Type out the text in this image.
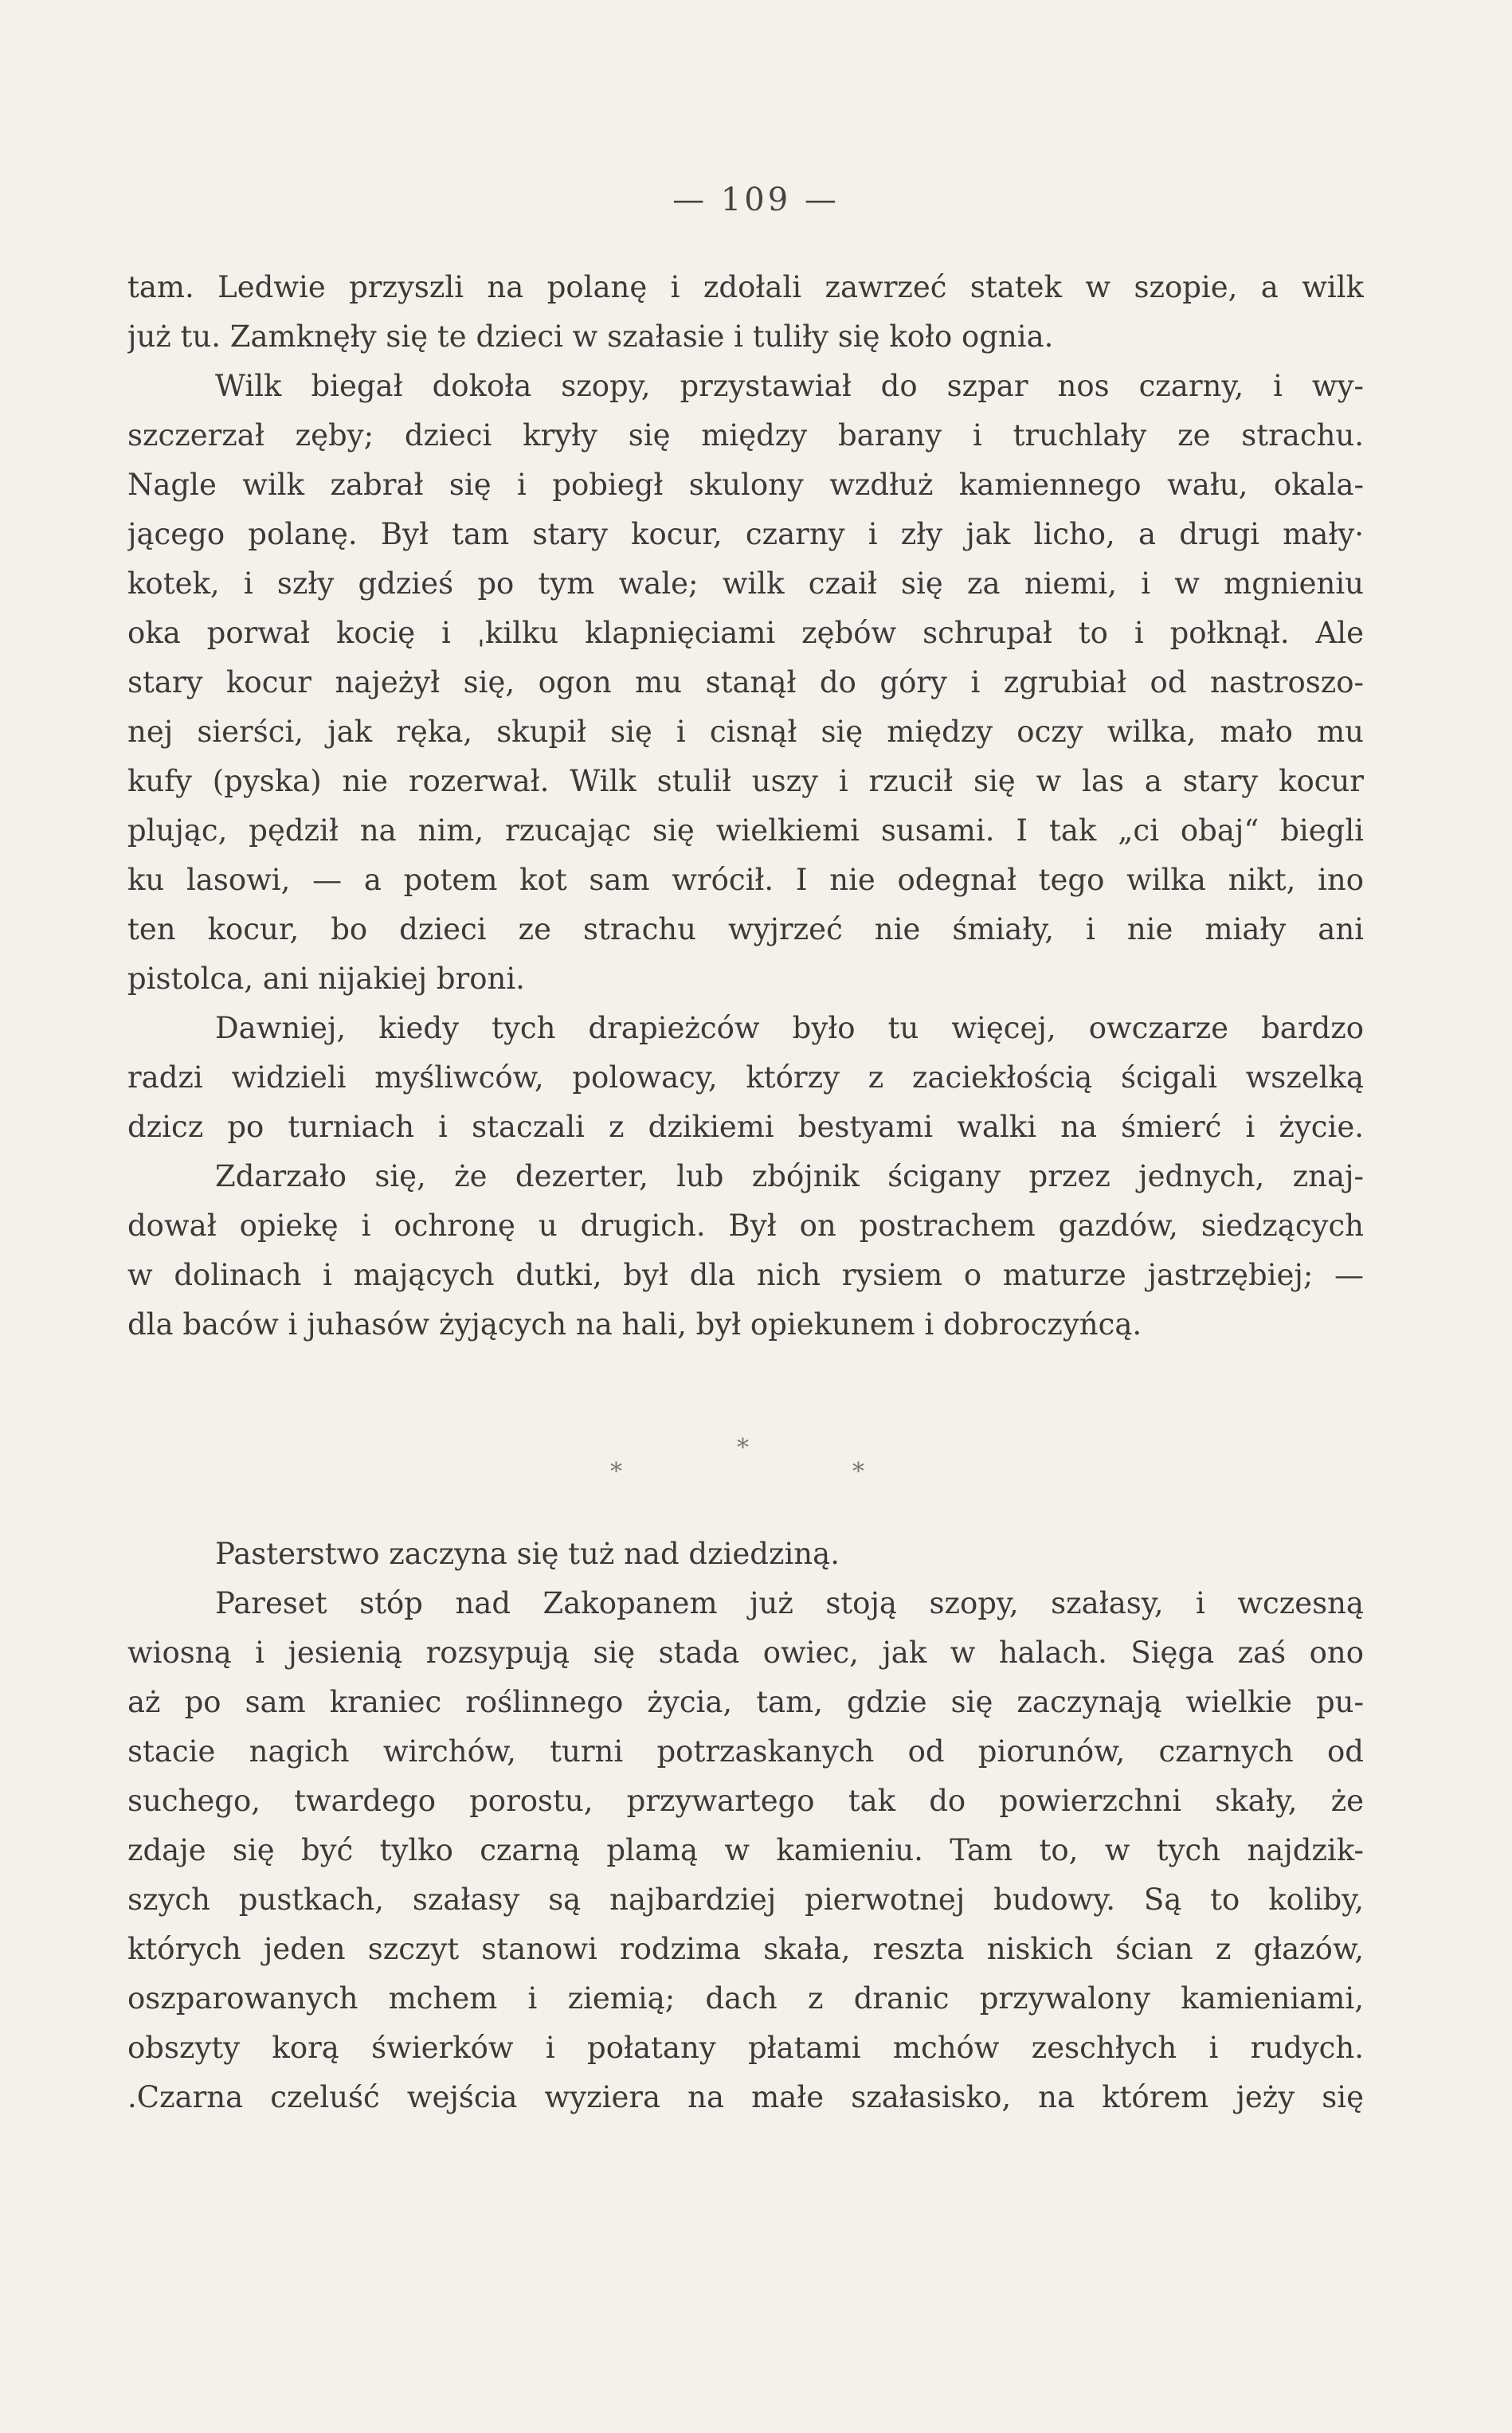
— 109 —
tam. Ledwie przyszli na polanę i zdołali zawrzeć statek w szopie, a wilk
już tu. Zamknęły się te dzieci w szałasie i tuliły się koło ognia.
Wilk biegał dokoła szopy, przystawiał do szpar nos czarny, i wy-
szczerzał zęby; dzieci kryły się między barany i truchlały ze strachu.
Nagle wilk zabrał się i pobiegł skulony wzdłuż kamiennego wału, okala-
jącego polanę. Był tam stary kocur, czarny i zły jak licho, a drugi mały·
kotek, i szły gdzieś po tym wale; wilk czaił się za niemi, i w mgnieniu
oka porwał kocię i ˌkilku klapnięciami zębów schrupał to i połknął. Ale
stary kocur najeżył się, ogon mu stanął do góry i zgrubiał od nastroszo-
nej sierści, jak ręka, skupił się i cisnął się między oczy wilka, mało mu
kufy (pyska) nie rozerwał. Wilk stulił uszy i rzucił się w las a stary kocur
plując, pędził na nim, rzucając się wielkiemi susami. I tak „ci obaj“ biegli
ku lasowi, — a potem kot sam wrócił. I nie odegnał tego wilka nikt, ino
ten kocur, bo dzieci ze strachu wyjrzeć nie śmiały, i nie miały ani
pistolca, ani nijakiej broni.
Dawniej, kiedy tych drapieżców było tu więcej, owczarze bardzo
radzi widzieli myśliwców, polowacy, którzy z zaciekłością ścigali wszelką
dzicz po turniach i staczali z dzikiemi bestyami walki na śmierć i życie.
Zdarzało się, że dezerter, lub zbójnik ścigany przez jednych, znaj-
dował opiekę i ochronę u drugich. Był on postrachem gazdów, siedzących
w dolinach i mających dutki, był dla nich rysiem o maturze jastrzębiej; —
dla baców i juhasów żyjących na hali, był opiekunem i dobroczyńcą.
*
*	*
Pasterstwo zaczyna się tuż nad dziedziną.
Pareset stóp nad Zakopanem już stoją szopy, szałasy, i wczesną
wiosną i jesienią rozsypują się stada owiec, jak w halach. Sięga zaś ono
aż po sam kraniec roślinnego życia, tam, gdzie się zaczynają wielkie pu-
stacie nagich wirchów, turni potrzaskanych od piorunów, czarnych od
suchego, twardego porostu, przywartego tak do powierzchni skały, że
zdaje się być tylko czarną plamą w kamieniu. Tam to, w tych najdzik-
szych pustkach, szałasy są najbardziej pierwotnej budowy. Są to koliby,
których jeden szczyt stanowi rodzima skała, reszta niskich ścian z głazów,
oszparowanych mchem i ziemią; dach z dranic przywalony kamieniami,
obszyty korą świerków i połatany płatami mchów zeschłych i rudych.
.Czarna czeluść wejścia wyziera na małe szałasisko, na którem jeży się
